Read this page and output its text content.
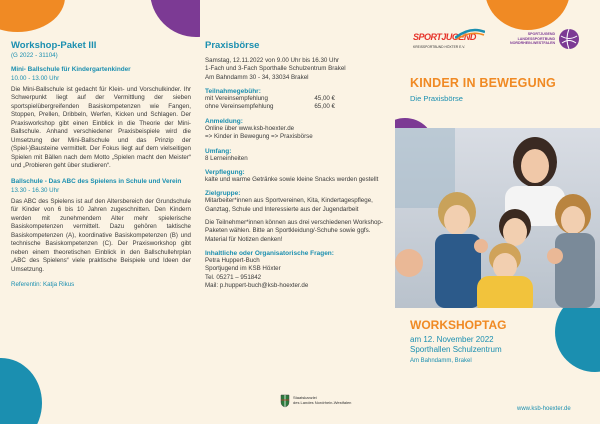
Workshop-Paket III

(G 2022 - 31104)

Mini- Ballschule für Kindergartenkinder

10.00 - 13.00 Uhr

Die Mini-Ballschule ist gedacht für Klein- und Vorschulkinder. Ihr Schwerpunkt liegt auf der Vermittlung der sieben sportspielübergreifenden Basiskompetenzen wie Fangen, Stoppen, Prellen, Dribbeln, Werfen, Kicken und Schlagen. Der Praxisworkshop gibt einen Einblick in die Theorie der Mini-Ballschule. Anhand verschiedener Praxisbeispiele wird die Umsetzung der Mini-Ballschule und das Prinzip der (Spiel-)Bausteine vermittelt. Der Fokus liegt auf dem vielseitigen Spielen mit Bällen nach dem Motto „Spielen macht den Meister“ und „Probieren geht über studieren“.

Ballschule - Das ABC des Spielens in Schule und Verein

13.30 - 16.30 Uhr

Das ABC des Spielens ist auf den Altersbereich der Grundschule für Kinder von 6 bis 10 Jahren zugeschnitten. Den Kindern werden mit zunehmendem Alter mehr spielerische Basiskompetenzen vermittelt. Dazu gehören taktische Basiskompetenzen (A), koordinative Basiskompetenzen (B) und technische Basiskompetenzen (C). Der Praxisworkshop gibt neben einem theoretischen Einblick in den Ballschullehrplan „ABC des Spielens“ viele praktische Beispiele und Ideen der Umsetzung.

Referentin: Katja Rikus

Praxisbörse

Samstag, 12.11.2022 von 9.00 Uhr bis 16.30 Uhr
1-Fach und 3-Fach Sporthalle Schulzentrum Brakel
Am Bahndamm 30 - 34, 33034 Brakel

Teilnahmegebühr:

mit Vereinsempfehlung	45,00 €
ohne Vereinsempfehlung	65,00 €

Anmeldung:

Online über www.ksb-hoexter.de
=> Kinder in Bewegung => Praxisbörse

Umfang:

8 Lerneinheiten

Verpflegung:

kalte und warme Getränke sowie kleine Snacks werden gestellt

Zielgruppe:

Mitarbeiter*innen aus Sportvereinen, Kita, Kindertagespflege, Ganztag, Schule und Interessierte aus der Jugendarbeit

Die Teilnehmer*innen können aus drei verschiedenen Workshop-Paketen wählen. Bitte an Sportkleidung/-Schuhe sowie ggfs. Material für Notizen denken!

Inhaltliche oder Organisatorische Fragen:

Petra Huppert-Buch
Sportjugend im KSB Höxter
Tel. 05271 – 951842
Mail: p.huppert-buch@ksb-hoexter.de

Staatskanzlei
des Landes Nordrhein-Westfalen
SPORTJUGEND
KREISSPORTBUND HÖXTER E.V.
SPORTJUGEND
LANDESSPORTBUND
NORDRHEIN-WESTFALEN

KINDER IN BEWEGUNG

Die Praxisbörse

WORKSHOPTAG

am 12. November 2022

Sporthallen Schulzentrum

Am Bahndamm, Brakel

www.ksb-hoexter.de
